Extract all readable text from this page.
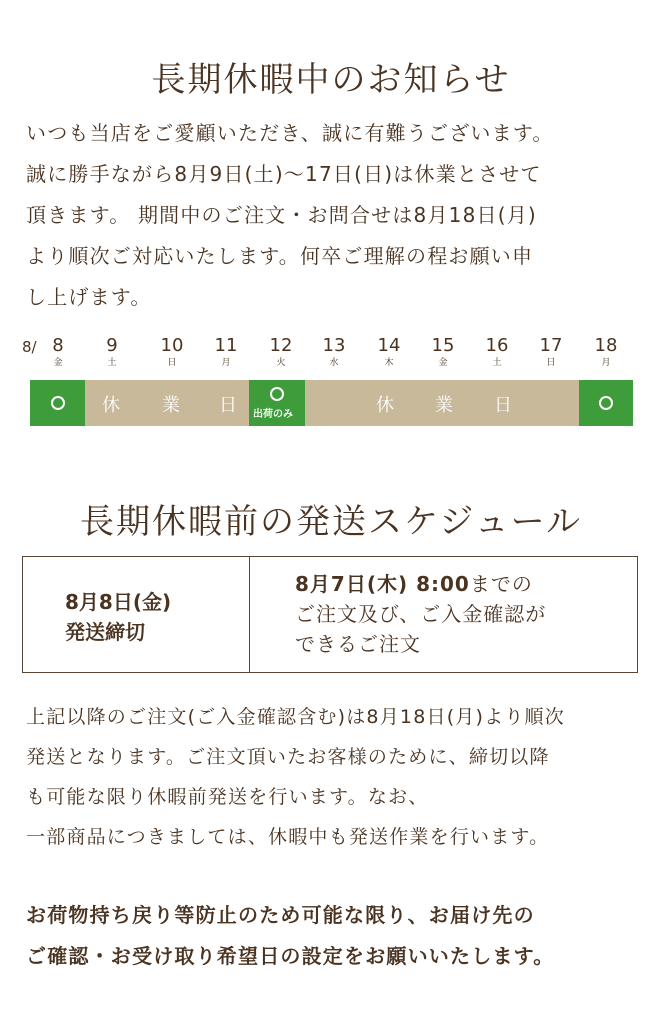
長期休暇中のお知らせ
いつも当店をご愛顧いただき、誠に有難うございます。
誠に勝手ながら8月9日(土)〜17日(日)は休業とさせて
頂きます。 期間中のご注文・お問合せは8月18日(月)
より順次ご対応いたします。何卒ご理解の程お願い申
し上げます。
8/ 8
金
9
土
10
日
11
月
12
火
13
水
14
木
15
金
16
土
17
日
18
月
休 業 日 出荷のみ	休 業 日
長期休暇前の発送スケジュール
8月8日(金)
発送締切
8月7日(木) 8:00までの
ご注文及び、ご入金確認が
できるご注文
上記以降のご注文(ご入金確認含む)は8月18日(月)より順次
発送となります。ご注文頂いたお客様のために、締切以降
も可能な限り休暇前発送を行います。なお、
一部商品につきましては、休暇中も発送作業を行います。
お荷物持ち戻り等防止のため可能な限り、お届け先の
ご確認・お受け取り希望日の設定をお願いいたします。
